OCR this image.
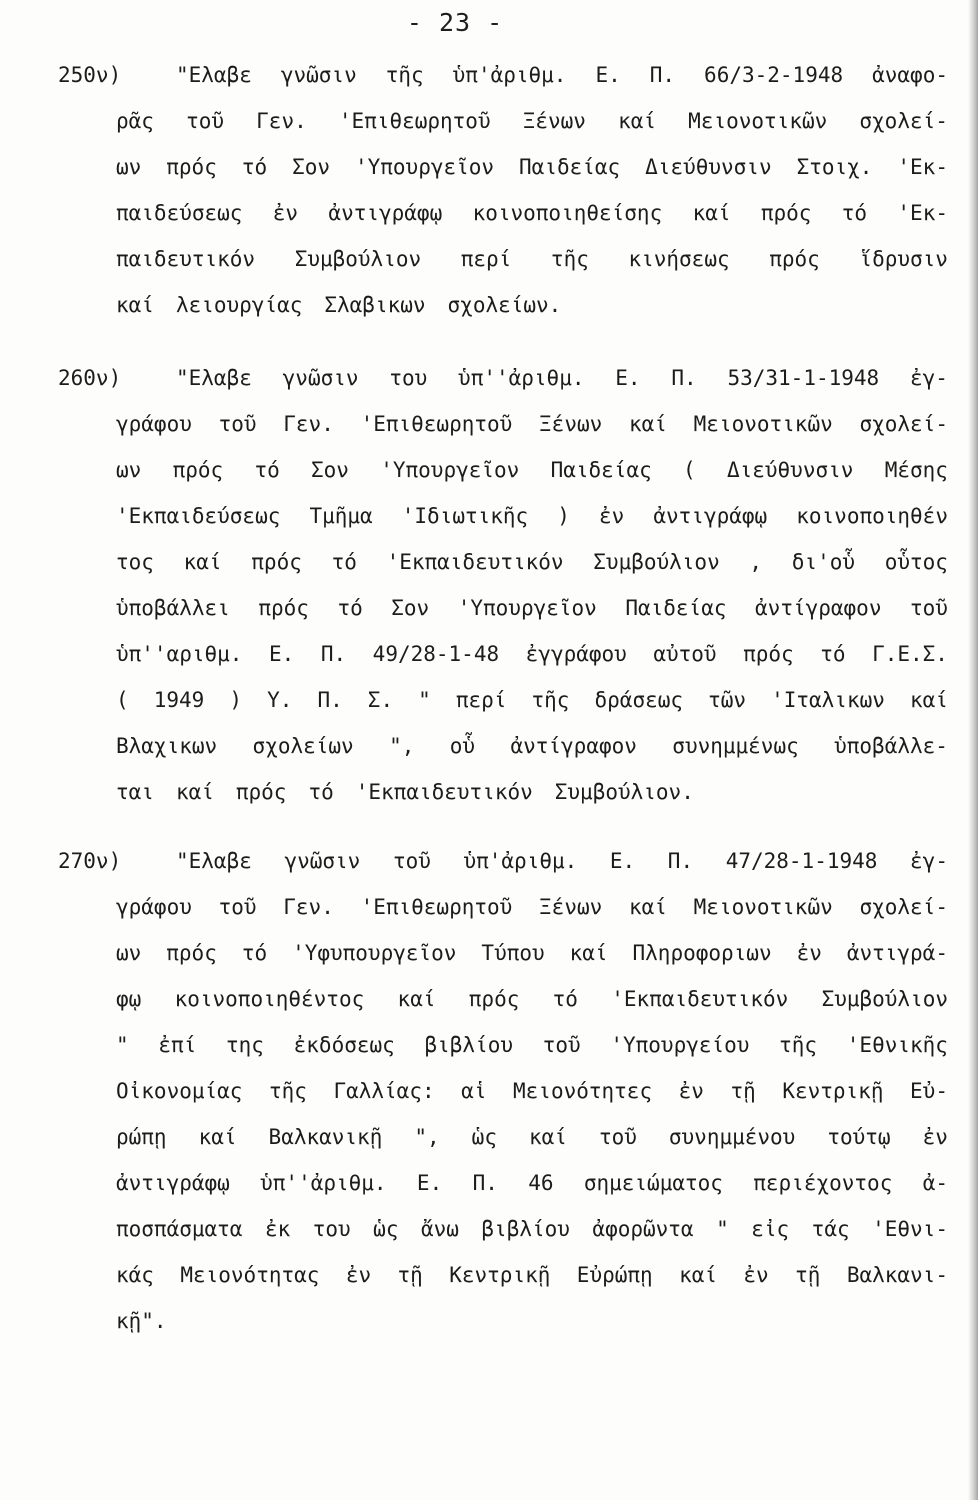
- 23 -
250ν)	"Ελαβε γνῶσιν τῆς ὑπ'ἀριθμ. Ε. Π. 66/3-2-1948 ἀναφο-
ρᾶς τοῦ Γεν. 'Επιθεωρητοῦ Ξένων καί Μειονοτικῶν σχολεί-
ων πρός τό Σον 'Υπουργεῖον Παιδείας Διεύθυνσιν Στοιχ. 'Εκ-
παιδεύσεως ἐν ἀντιγράφῳ κοινοποιηθείσης καί πρός τό 'Εκ-
παιδευτικόν Συμβούλιον περί τῆς κινήσεως πρός ἵδρυσιν
καί λειουργίας Σλαβικων σχολείων.
260ν)	"Ελαβε γνῶσιν του ὑπ''ἀριθμ. Ε. Π. 53/31-1-1948 ἐγ-
γράφου τοῦ Γεν. 'Επιθεωρητοῦ Ξένων καί Μειονοτικῶν σχολεί-
ων πρός τό Σον 'Υπουργεῖον Παιδείας ( Διεύθυνσιν Μέσης
'Εκπαιδεύσεως Τμῆμα 'Ιδιωτικῆς ) ἐν ἀντιγράφῳ κοινοποιηθέν
τος καί πρός τό 'Εκπαιδευτικόν Συμβούλιον , δι'οὗ οὗτος
ὑποβάλλει πρός τό Σον 'Υπουργεῖον Παιδείας ἀντίγραφον τοῦ
ὑπ''αριθμ. Ε. Π. 49/28-1-48 ἐγγράφου αὐτοῦ πρός τό Γ.Ε.Σ.
( 1949 ) Υ. Π. Σ. " περί τῆς δράσεως τῶν 'Ιταλικων καί
Βλαχικων σχολείων ", οὗ ἀντίγραφον συνημμένως ὑποβάλλε-
ται καί πρός τό 'Εκπαιδευτικόν Συμβούλιον.
270ν)	"Ελαβε γνῶσιν τοῦ ὑπ'ἀριθμ. Ε. Π. 47/28-1-1948 ἐγ-
γράφου τοῦ Γεν. 'Επιθεωρητοῦ Ξένων καί Μειονοτικῶν σχολεί-
ων πρός τό 'Υφυπουργεῖον Τύπου καί Πληροφοριων ἐν ἀντιγρά-
φῳ κοινοποιηθέντος καί πρός τό 'Εκπαιδευτικόν Συμβούλιον
" ἐπί της ἐκδόσεως βιβλίου τοῦ 'Υπουργείου τῆς 'Εθνικῆς
Οἰκονομίας τῆς Γαλλίας: αἱ Μειονότητες ἐν τῇ Κεντρικῇ Εὐ-
ρώπῃ καί Βαλκανικῇ ", ὡς καί τοῦ συνημμένου τούτῳ ἐν
ἀντιγράφῳ ὑπ''ἀριθμ. Ε. Π. 46 σημειώματος περιέχοντος ἀ-
ποσπάσματα ἐκ του ὡς ἄνω βιβλίου ἀφορῶντα " εἰς τάς 'Εθνι-
κάς Μειονότητας ἐν τῇ Κεντρικῇ Εὐρώπῃ καί ἐν τῇ Βαλκανι-
κῇ".
